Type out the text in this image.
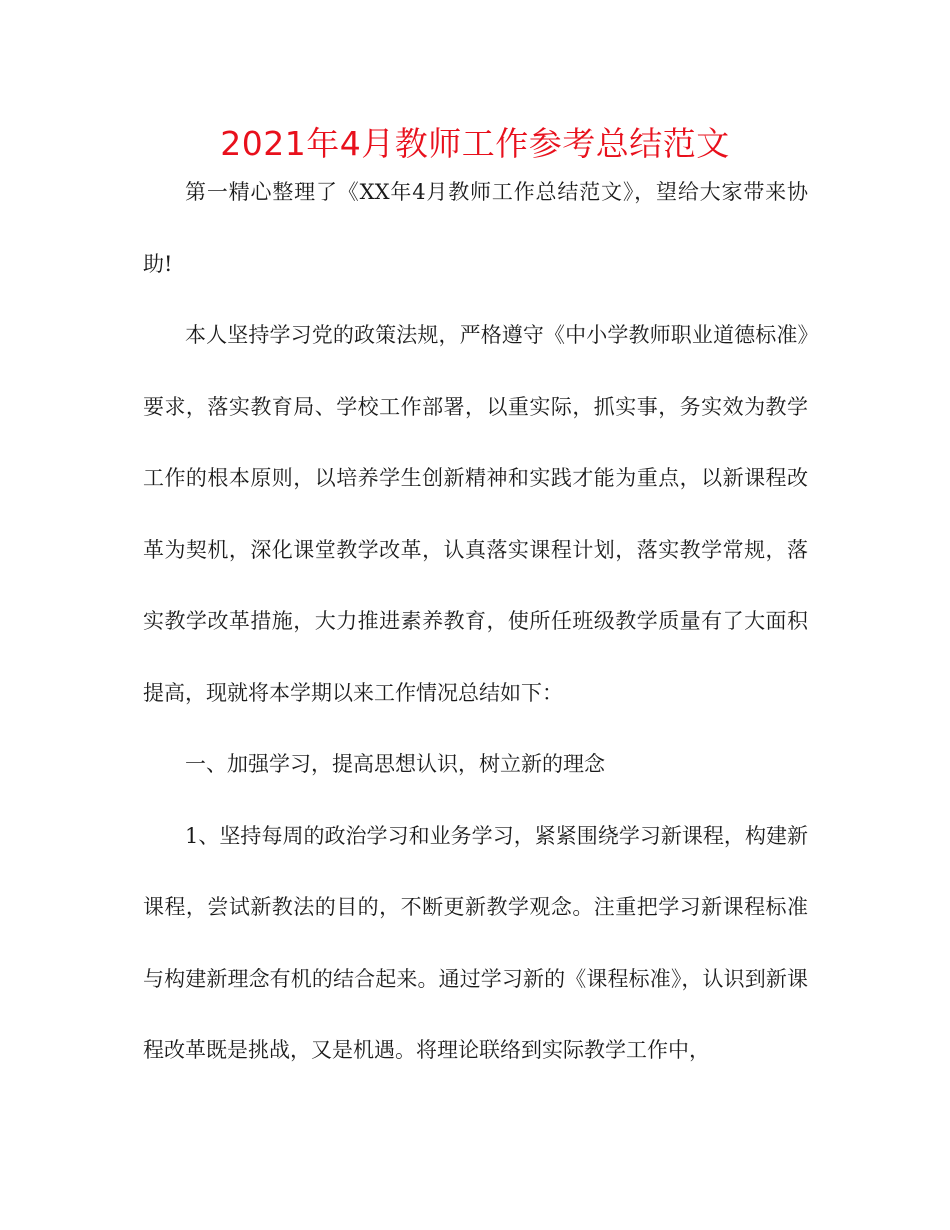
2021年4月教师工作参考总结范文

第一精心整理了《XX年4月教师工作总结范文》，望给大家带来协助!

本人坚持学习党的政策法规，严格遵守《中小学教师职业道德标准》要求，落实教育局、学校工作部署，以重实际，抓实事，务实效为教学工作的根本原则，以培养学生创新精神和实践才能为重点，以新课程改革为契机，深化课堂教学改革，认真落实课程计划，落实教学常规，落实教学改革措施，大力推进素养教育，使所任班级教学质量有了大面积提高，现就将本学期以来工作情况总结如下：

一、加强学习，提高思想认识，树立新的理念

1、坚持每周的政治学习和业务学习，紧紧围绕学习新课程，构建新课程，尝试新教法的目的，不断更新教学观念。注重把学习新课程标准与构建新理念有机的结合起来。通过学习新的《课程标准》，认识到新课程改革既是挑战，又是机遇。将理论联络到实际教学工作中，
